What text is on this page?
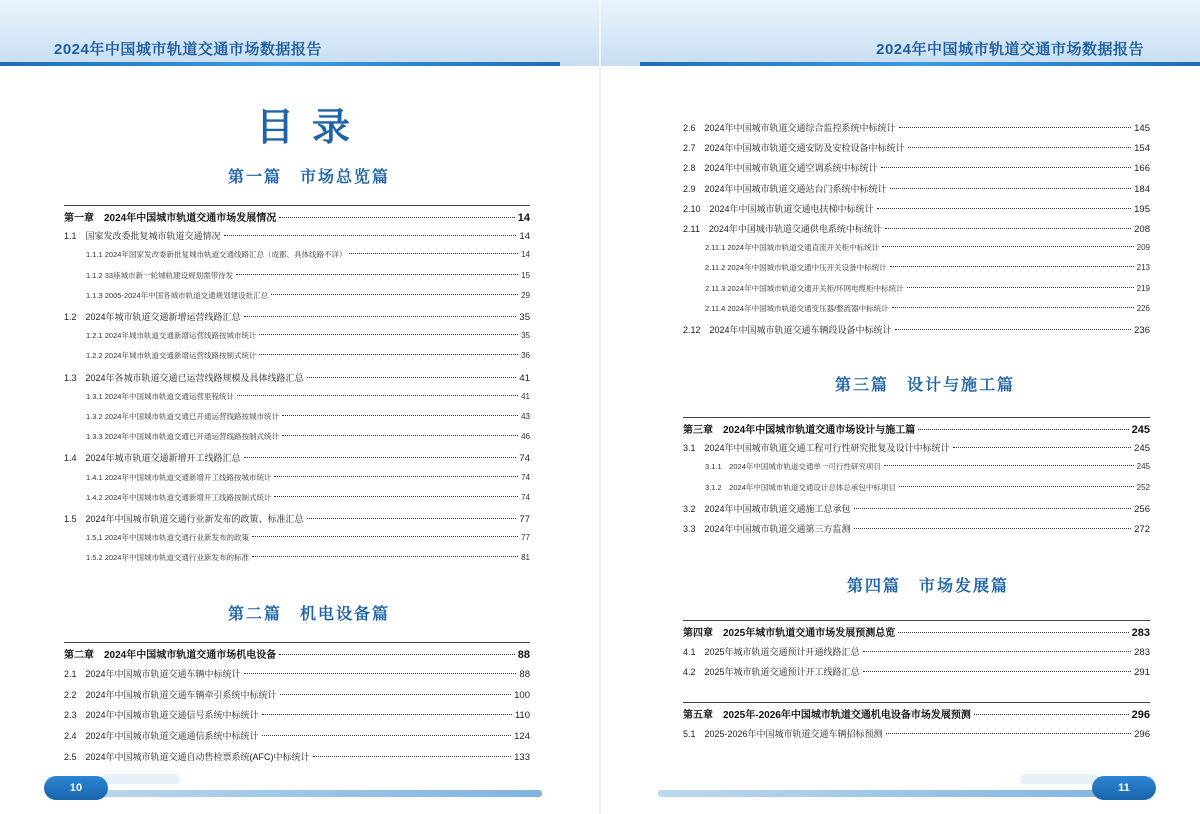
2024年中国城市轨道交通市场数据报告	2024年中国城市轨道交通市场数据报告
目录
第一篇　市场总览篇
第二篇　机电设备篇
第三篇　设计与施工篇
第四篇　市场发展篇
第一章　2024年中国城市轨道交通市场发展情况	14
1.1　国家发改委批复城市轨道交通情况	14
1.1.1 2024年国家发改委新批复城市轨道交通线路汇总（成都、具体线路不详）	14
1.1.2 33座城市新一轮城轨建设规划需带待发	15
1.1.3 2005-2024年中国各城市轨道交通规划建设批汇总	29
1.2　2024年城市轨道交通新增运营线路汇总	35
1.2.1 2024年城市轨道交通新增运营线路按城市统计	35
1.2.2 2024年城市轨道交通新增运营线路按制式统计	36
1.3　2024年各城市轨道交通已运营线路规模及具体线路汇总	41
1.3.1 2024年中国城市轨道交通运营里程统计	41
1.3.2 2024年中国城市轨道交通已开通运营线路按城市统计	43
1.3.3 2024年中国城市轨道交通已开通运营线路按制式统计	46
1.4　2024年城市轨道交通新增开工线路汇总	74
1.4.1 2024年中国城市轨道交通新增开工线路按城市统计	74
1.4.2 2024年中国城市轨道交通新增开工线路按制式统计	74
1.5　2024年中国城市轨道交通行业新发布的政策、标准汇总	77
1.5.1 2024年中国城市轨道交通行业新发布的政策	77
1.5.2 2024年中国城市轨道交通行业新发布的标准	81
第二章　2024年中国城市轨道交通市场机电设备	88
2.1　2024年中国城市轨道交通车辆中标统计	88
2.2　2024年中国城市轨道交通车辆牵引系统中标统计	100
2.3　2024年中国城市轨道交通信号系统中标统计	110
2.4　2024年中国城市轨道交通通信系统中标统计	124
2.5　2024年中国城市轨道交通自动售检票系统(AFC)中标统计	133
2.6　2024年中国城市轨道交通综合监控系统中标统计	145
2.7　2024年中国城市轨道交通安防及安检设备中标统计	154
2.8　2024年中国城市轨道交通空调系统中标统计	166
2.9　2024年中国城市轨道交通站台门系统中标统计	184
2.10　2024年中国城市轨道交通电扶梯中标统计	195
2.11　2024年中国城市轨道交通供电系统中标统计	208
2.11.1 2024年中国城市轨道交通直流开关柜中标统计	209
2.11.2 2024年中国城市轨道交通中压开关设备中标统计	213
2.11.3 2024年中国城市轨道交通开关柜/环网电缆柜中标统计	219
2.11.4 2024年中国城市轨道交通变压器/整流器中标统计	226
2.12　2024年中国城市轨道交通车辆段设备中标统计	236
第三章　2024年中国城市轨道交通市场设计与施工篇	245
3.1　2024年中国城市轨道交通工程可行性研究批复及设计中标统计	245
3.1.1　2024年中国城市轨道交通单一可行性研究项目	245
3.1.2　2024年中国城市轨道交通设计总体总承包中标项目	252
3.2　2024年中国城市轨道交通施工总承包	256
3.3　2024年中国城市轨道交通第三方监测	272
第四章　2025年城市轨道交通市场发展预测总览	283
4.1　2025年城市轨道交通预计开通线路汇总	283
4.2　2025年城市轨道交通预计开工线路汇总	291
第五章　2025年-2026年中国城市轨道交通机电设备市场发展预测	296
5.1　2025-2026年中国城市轨道交通车辆招标预测	296
10	11
